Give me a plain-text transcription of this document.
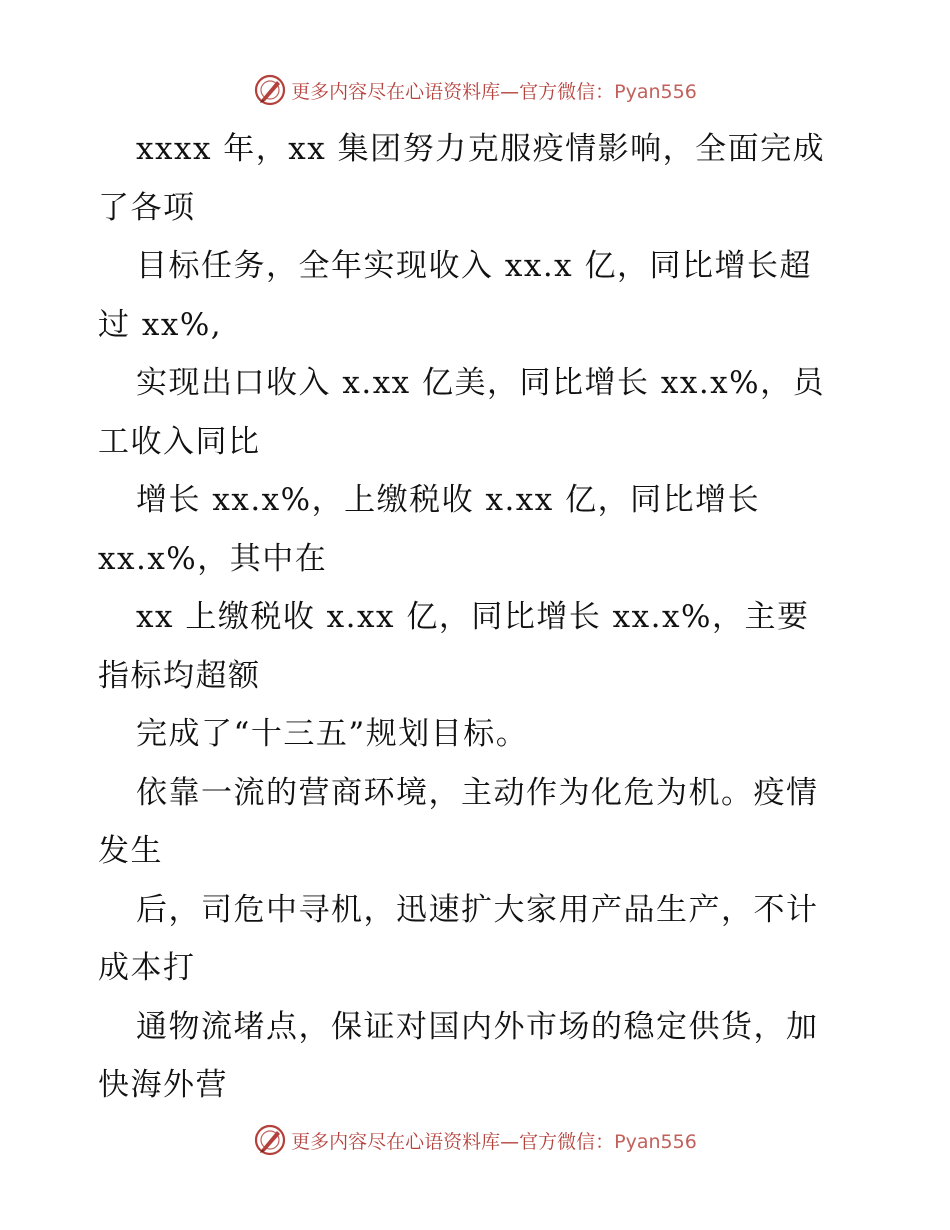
更多内容尽在心语资料库—官方微信：Pyan556
xxxx 年，xx 集团努力克服疫情影响，全面完成
了各项
目标任务，全年实现收入 xx.x 亿，同比增长超
过 xx%,
实现出口收入 x.xx 亿美，同比增长 xx.x%，员
工收入同比
增长 xx.x%，上缴税收 x.xx 亿，同比增长
xx.x%，其中在
xx 上缴税收 x.xx 亿，同比增长 xx.x%，主要
指标均超额
完成了“十三五”规划目标。
依靠一流的营商环境，主动作为化危为机。疫情
发生
后，司危中寻机，迅速扩大家用产品生产，不计
成本打
通物流堵点，保证对国内外市场的稳定供货，加
快海外营
更多内容尽在心语资料库—官方微信：Pyan556
